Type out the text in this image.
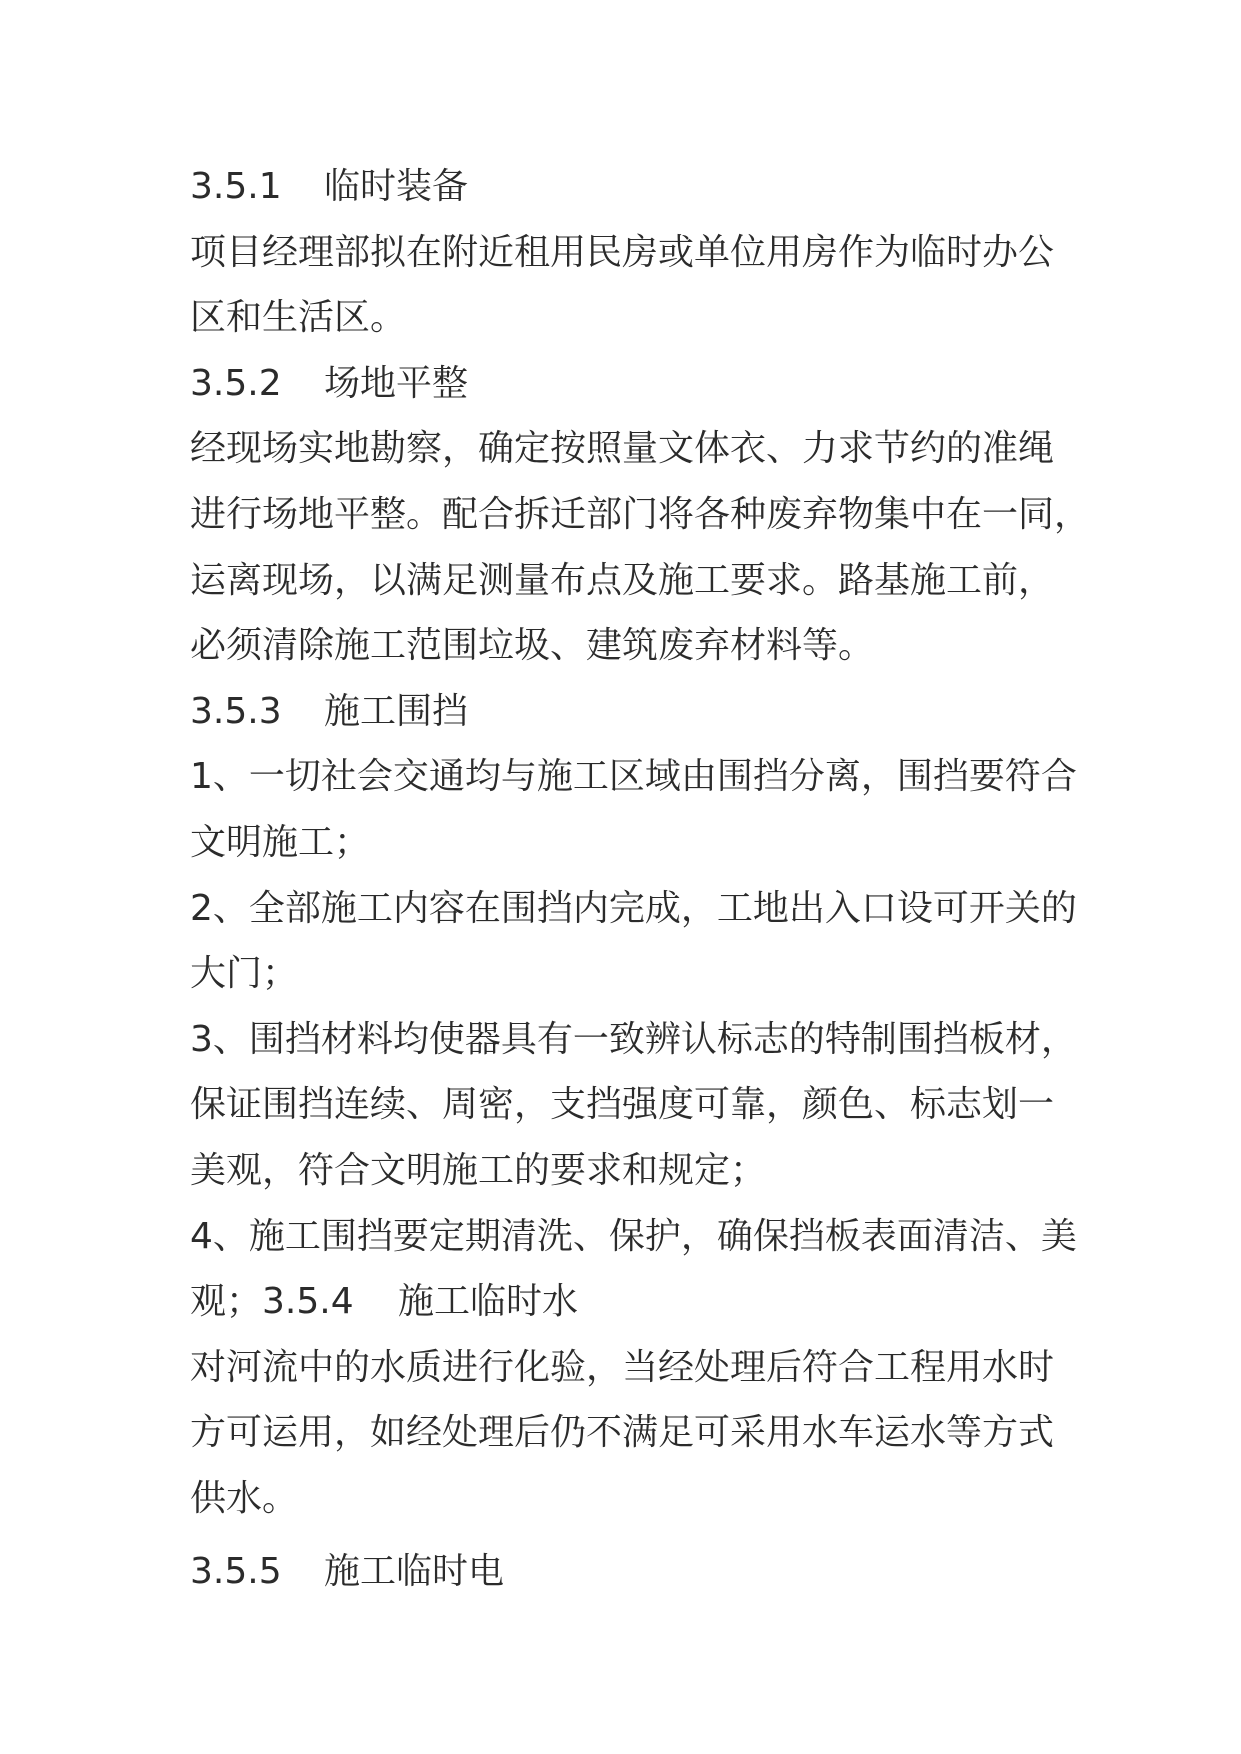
3.5.1 临时装备
项目经理部拟在附近租用民房或单位用房作为临时办公
区和生活区。
3.5.2 场地平整
经现场实地勘察，确定按照量文体衣、力求节约的准绳
进行场地平整。配合拆迁部门将各种废弃物集中在一同，
运离现场，以满足测量布点及施工要求。路基施工前，
必须清除施工范围垃圾、建筑废弃材料等。
3.5.3 施工围挡
1、一切社会交通均与施工区域由围挡分离，围挡要符合
文明施工；
2、全部施工内容在围挡内完成，工地出入口设可开关的
大门；
3、围挡材料均使器具有一致辨认标志的特制围挡板材，
保证围挡连续、周密，支挡强度可靠，颜色、标志划一
美观，符合文明施工的要求和规定；
4、施工围挡要定期清洗、保护，确保挡板表面清洁、美
观；3.5.4 施工临时水
对河流中的水质进行化验，当经处理后符合工程用水时
方可运用，如经处理后仍不满足可采用水车运水等方式
供水。
3.5.5 施工临时电
